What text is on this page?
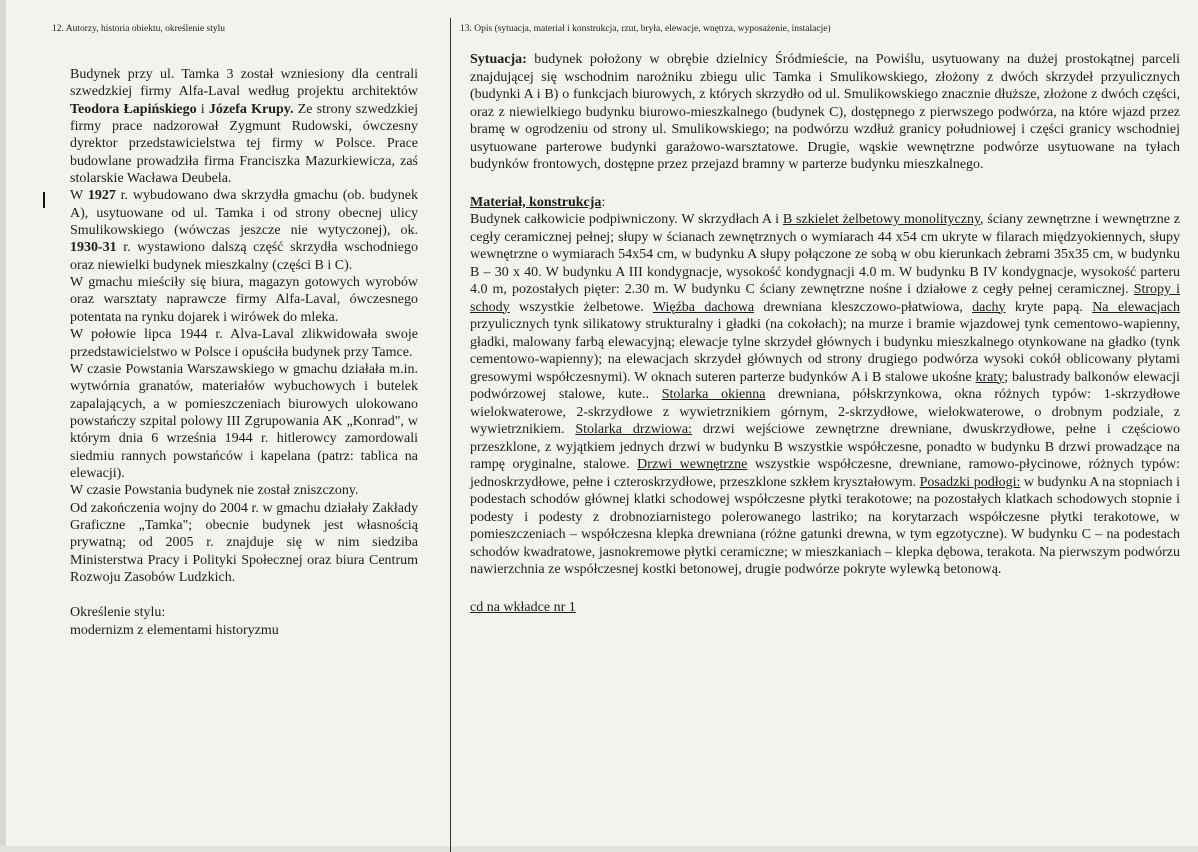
12. Autorzy, historia obiektu, określenie stylu	13. Opis (sytuacja, materiał i konstrukcja, rzut, bryła, elewacje, wnętrza, wyposażenie, instalacje)

Budynek przy ul. Tamka 3 został wzniesiony dla centrali szwedzkiej firmy Alfa-Laval według projektu architektów Teodora Łapińskiego i Józefa Krupy. Ze strony szwedzkiej firmy prace nadzorował Zygmunt Rudowski, ówczesny dyrektor przedstawicielstwa tej firmy w Polsce. Prace budowlane prowadziła firma Franciszka Mazurkiewicza, zaś stolarskie Wacława Deubela.

W 1927 r. wybudowano dwa skrzydła gmachu (ob. budynek A), usytuowane od ul. Tamka i od strony obecnej ulicy Smulikowskiego (wówczas jeszcze nie wytyczonej), ok. 1930-31 r. wystawiono dalszą część skrzydła wschodniego oraz niewielki budynek mieszkalny (części B i C).

W gmachu mieściły się biura, magazyn gotowych wyrobów oraz warsztaty naprawcze firmy Alfa-Laval, ówczesnego potentata na rynku dojarek i wirówek do mleka.

W połowie lipca 1944 r. Alva-Laval zlikwidowała swoje przedstawicielstwo w Polsce i opuściła budynek przy Tamce.

W czasie Powstania Warszawskiego w gmachu działała m.in. wytwórnia granatów, materiałów wybuchowych i butelek zapalających, a w pomieszczeniach biurowych ulokowano powstańczy szpital polowy III Zgrupowania AK „Konrad", w którym dnia 6 września 1944 r. hitlerowcy zamordowali siedmiu rannych powstańców i kapelana (patrz: tablica na elewacji).

W czasie Powstania budynek nie został zniszczony.

Od zakończenia wojny do 2004 r. w gmachu działały Zakłady Graficzne „Tamka"; obecnie budynek jest własnością prywatną; od 2005 r. znajduje się w nim siedziba Ministerstwa Pracy i Polityki Społecznej oraz biura Centrum Rozwoju Zasobów Ludzkich.

Określenie stylu:

modernizm z elementami historyzmu

Sytuacja: budynek położony w obrębie dzielnicy Śródmieście, na Powiślu, usytuowany na dużej prostokątnej parceli znajdującej się wschodnim narożniku zbiegu ulic Tamka i Smulikowskiego, złożony z dwóch skrzydeł przyulicznych (budynki A i B) o funkcjach biurowych, z których skrzydło od ul. Smulikowskiego znacznie dłuższe, złożone z dwóch części, oraz z niewielkiego budynku biurowo-mieszkalnego (budynek C), dostępnego z pierwszego podwórza, na które wjazd przez bramę w ogrodzeniu od strony ul. Smulikowskiego; na podwórzu wzdłuż granicy południowej i części granicy wschodniej usytuowane parterowe budynki garażowo-warsztatowe. Drugie, wąskie wewnętrzne podwórze usytuowane na tyłach budynków frontowych, dostępne przez przejazd bramny w parterze budynku mieszkalnego.

Materiał, konstrukcja:

Budynek całkowicie podpiwniczony. W skrzydłach A i B szkielet żelbetowy monolityczny, ściany zewnętrzne i wewnętrzne z cegły ceramicznej pełnej; słupy w ścianach zewnętrznych o wymiarach 44 x54 cm ukryte w filarach międzyokiennych, słupy wewnętrzne o wymiarach 54x54 cm, w budynku A słupy połączone ze sobą w obu kierunkach żebrami 35x35 cm, w budynku B – 30 x 40. W budynku A III kondygnacje, wysokość kondygnacji 4.0 m. W budynku B IV kondygnacje, wysokość parteru 4.0 m, pozostałych pięter: 2.30 m. W budynku C ściany zewnętrzne nośne i działowe z cegły pełnej ceramicznej. Stropy i schody wszystkie żelbetowe. Więźba dachowa drewniana kleszczowo-płatwiowa, dachy kryte papą. Na elewacjach przyulicznych tynk silikatowy strukturalny i gładki (na cokołach); na murze i bramie wjazdowej tynk cementowo-wapienny, gładki, malowany farbą elewacyjną; elewacje tylne skrzydeł głównych i budynku mieszkalnego otynkowane na gładko (tynk cementowo-wapienny); na elewacjach skrzydeł głównych od strony drugiego podwórza wysoki cokół oblicowany płytami gresowymi współczesnymi). W oknach suteren parterze budynków A i B stalowe ukośne kraty; balustrady balkonów elewacji podwórzowej stalowe, kute.. Stolarka okienna drewniana, półskrzynkowa, okna różnych typów: 1-skrzydłowe wielokwaterowe, 2-skrzydłowe z wywietrznikiem górnym, 2-skrzydłowe, wielokwaterowe, o drobnym podziale, z wywietrznikiem. Stolarka drzwiowa: drzwi wejściowe zewnętrzne drewniane, dwuskrzydłowe, pełne i częściowo przeszklone, z wyjątkiem jednych drzwi w budynku B wszystkie współczesne, ponadto w budynku B drzwi prowadzące na rampę oryginalne, stalowe. Drzwi wewnętrzne wszystkie współczesne, drewniane, ramowo-płycinowe, różnych typów: jednoskrzydłowe, pełne i czteroskrzydłowe, przeszklone szkłem kryształowym. Posadzki podłogi: w budynku A na stopniach i podestach schodów głównej klatki schodowej współczesne płytki terakotowe; na pozostałych klatkach schodowych stopnie i podesty i podesty z drobnoziarnistego polerowanego lastriko; na korytarzach współczesne płytki terakotowe, w pomieszczeniach – współczesna klepka drewniana (różne gatunki drewna, w tym egzotyczne). W budynku C – na podestach schodów kwadratowe, jasnokremowe płytki ceramiczne; w mieszkaniach – klepka dębowa, terakota. Na pierwszym podwórzu nawierzchnia ze współczesnej kostki betonowej, drugie podwórze pokryte wylewką betonową.

cd na wkładce nr 1
